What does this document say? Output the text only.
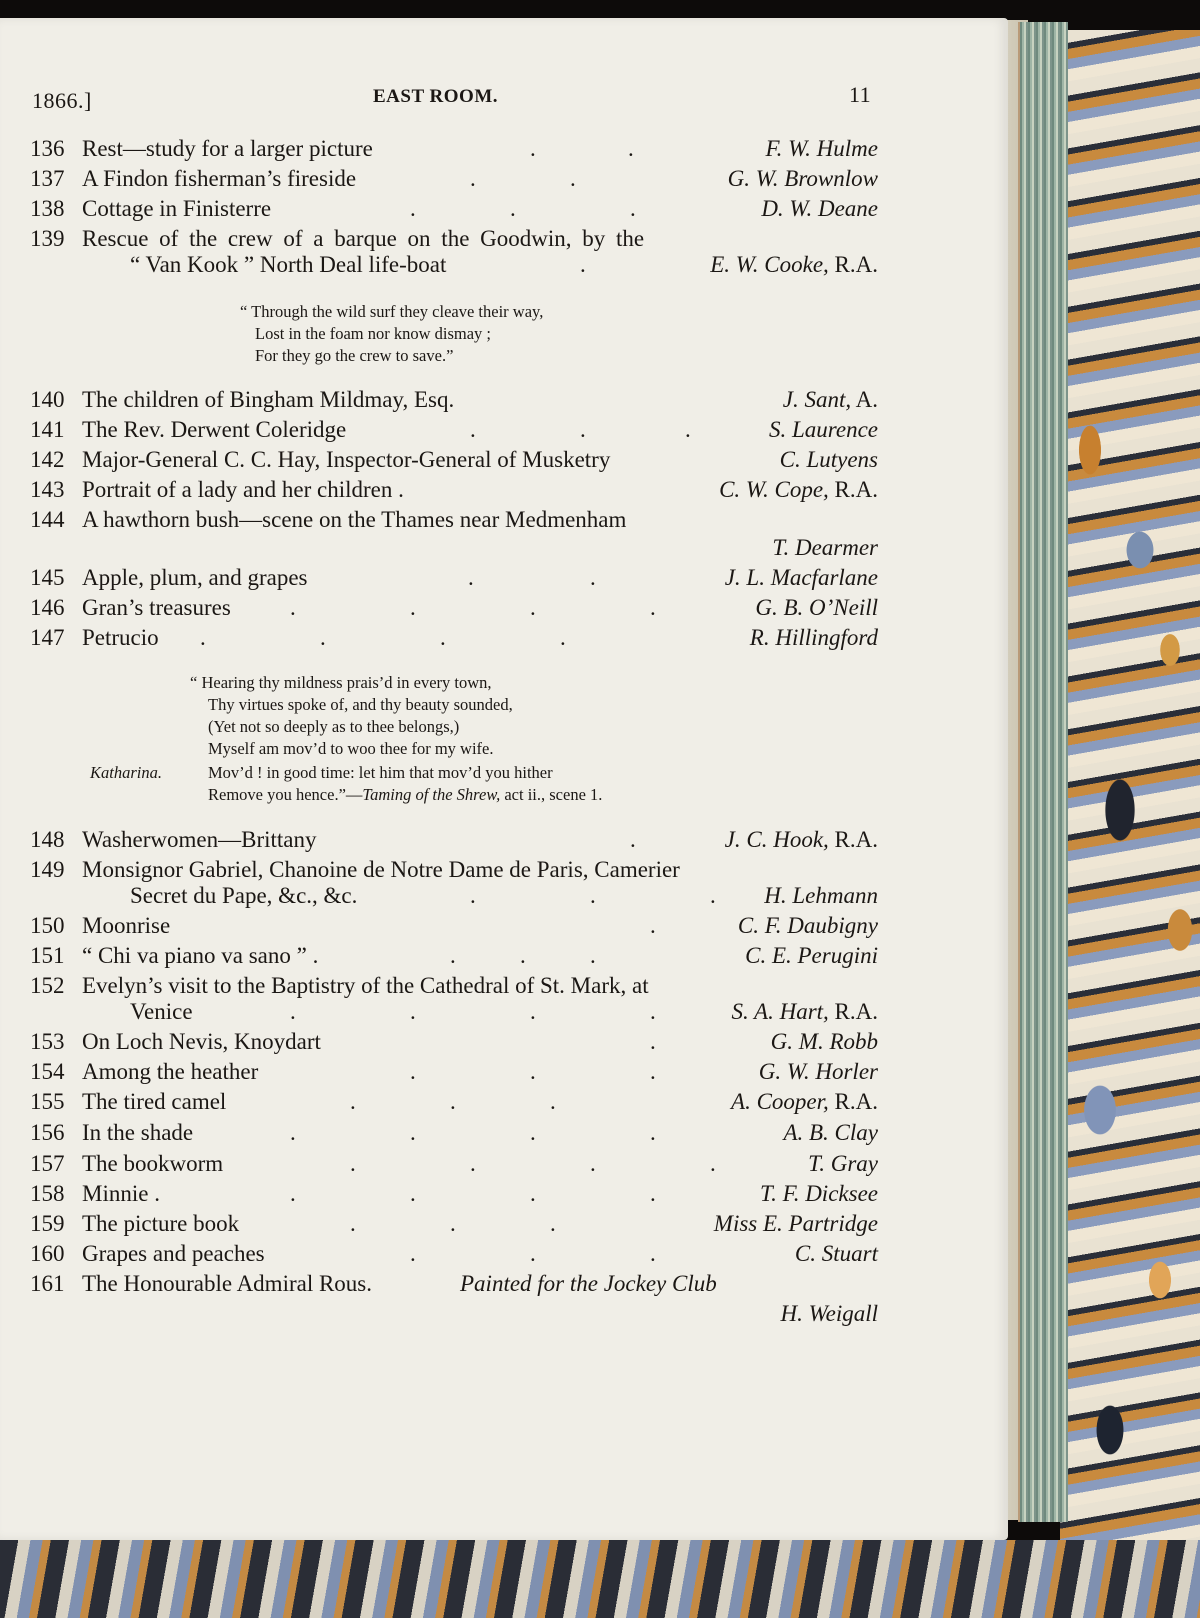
1866.]	EAST ROOM.	11
136 Rest—study for a larger picture	.	.	F. W. Hulme
137 A Findon fisherman’s fireside	.	.	G. W. Brownlow
138 Cottage in Finisterre	.	.	.	D. W. Deane
139 Rescue of the crew of a barque on the Goodwin, by the
“ Van Kook ” North Deal life-boat	.	E. W. Cooke, R.A.
“ Through the wild surf they cleave their way,
Lost in the foam nor know dismay ;
For they go the crew to save.”
140 The children of Bingham Mildmay, Esq.	J. Sant, A.
141 The Rev. Derwent Coleridge	.	.	.	S. Laurence
142 Major-General C. C. Hay, Inspector-General of Musketry	C. Lutyens
143 Portrait of a lady and her children .	C. W. Cope, R.A.
144 A hawthorn bush—scene on the Thames near Medmenham
T. Dearmer
145 Apple, plum, and grapes	.	.	J. L. Macfarlane
146 Gran’s treasures	.	.	.	.	G. B. O’Neill
147 Petrucio .	.	.	.	R. Hillingford
“ Hearing thy mildness prais’d in every town,
Thy virtues spoke of, and thy beauty sounded,
(Yet not so deeply as to thee belongs,)
Myself am mov’d to woo thee for my wife.
Katharina.	Mov’d ! in good time: let him that mov’d you hither
Remove you hence.”—Taming of the Shrew, act ii., scene 1.
148 Washerwomen—Brittany	.	J. C. Hook, R.A.
149 Monsignor Gabriel, Chanoine de Notre Dame de Paris, Camerier
Secret du Pape, &c., &c.	.	.	. H. Lehmann
150 Moonrise	.	C. F. Daubigny
151 “ Chi va piano va sano ” .	.	.	.	C. E. Perugini
152 Evelyn’s visit to the Baptistry of the Cathedral of St. Mark, at
Venice	.	.	.	.	S. A. Hart, R.A.
153 On Loch Nevis, Knoydart	.	G. M. Robb
154 Among the heather	.	.	.	G. W. Horler
155 The tired camel	.	.	.	A. Cooper, R.A.
156 In the shade	.	.	.	.	A. B. Clay
157 The bookworm	.	.	.	.	T. Gray
158 Minnie .	.	.	.	.	T. F. Dicksee
159 The picture book	.	.	.	Miss E. Partridge
160 Grapes and peaches	.	.	.	C. Stuart
161 The Honourable Admiral Rous.	Painted for the Jockey Club
H. Weigall
